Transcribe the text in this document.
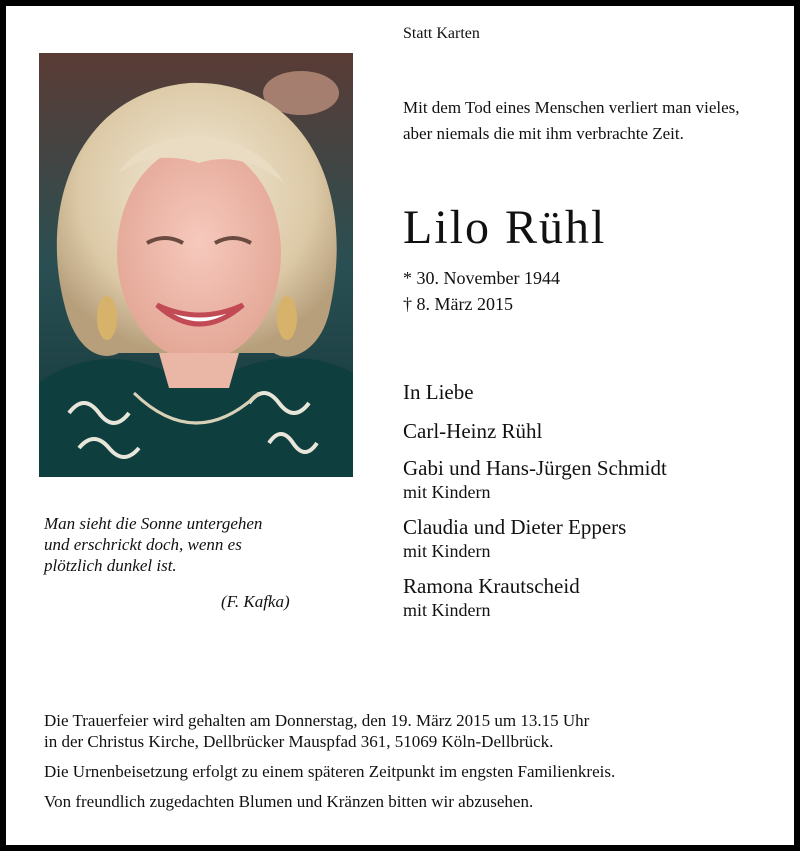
Statt Karten
Mit dem Tod eines Menschen verliert man vieles,
aber niemals die mit ihm verbrachte Zeit.
Lilo Rühl
* 30. November 1944
† 8. März 2015
In Liebe
Carl-Heinz Rühl
Gabi und Hans-Jürgen Schmidt
mit Kindern
Claudia und Dieter Eppers
mit Kindern
Ramona Krautscheid
mit Kindern
Man sieht die Sonne untergehen
und erschrickt doch, wenn es
plötzlich dunkel ist.
(F. Kafka)

Die Trauerfeier wird gehalten am Donnerstag, den 19. März 2015 um 13.15 Uhr

in der Christus Kirche, Dellbrücker Mauspfad 361, 51069 Köln-Dellbrück.

Die Urnenbeisetzung erfolgt zu einem späteren Zeitpunkt im engsten Familienkreis.

Von freundlich zugedachten Blumen und Kränzen bitten wir abzusehen.
